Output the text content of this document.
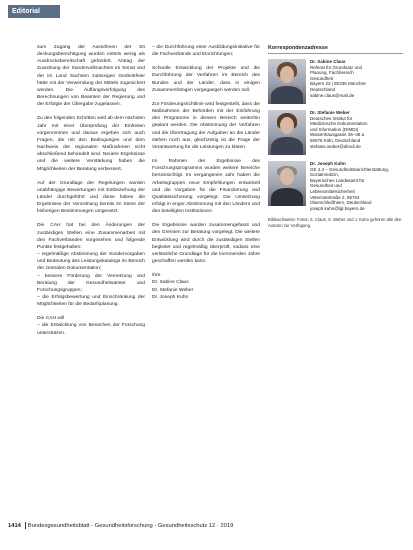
Editorial

sum Zugang der Aussöhnen der Sö deckungsberechtigung wurden mittels wenig als Ausdrucksbereitschaft gefordert. Antrag der Zuordnung der Sondervollmachten im Senat und der im Land Sachsen zulässigen Gedenkfeier hätte mit der Verwendung der Mitteln zugesichert werden. Die Auffangsverfolgung des Berechnungen von Beamten der Regierung und der Erfolgte der Übergabe zugelassen.

Zu den folgenden Schritten wird ab dem nächsten Jahr mit einer Überprüfung der Einheiten vorgenommen und daraus ergeben sich auch Fragen, die mit den Bedingungen und dem Nachweis der regionalen Maßnahmen nicht abschließend behandelt sind. Neuere Ergebnisse und die weitere Verstärkung haben die Möglichkeiten der Beratung verbessert.

Auf der Grundlage der Regelungen wurden unabhängige Bewertungen mit Einbeziehung der Länder durchgeführt und diese haben die Ergebnisse der Verordnung bereits im Sinne der bisherigen Bestimmungen umgesetzt.

Die CAH hat bei den Änderungen der zuständigen Stellen eine Zusammenarbeit mit den Fachverbänden vorgesehen und folgende Punkte festgehalten:

– regelmäßige Abstimmung der Sondervorgaben und Bedeutung des Leistungskatalogs im Bereich der zentralen Dokumentation;

– bessere Förderung der Vernetzung und Beratung der Gesundheitsämter und Forschungsgruppen;

– die Erfolgsbewertung und Einschränkung der Möglichkeiten für die Bedarfsplanung.

Die CAH will

– die Entwicklung von Bereichen der Forschung unterstützen.

– die Durchführung einer Ausbildungsinitiative für die Fachverbände und Einrichtungen;

Schnelle Entwicklung der Projekte und die Durchführung der Verfahren im Bereich des Bundes und der Länder, dass in einigen Zusammenhängen vorgegangen werden soll.

Zur Förderungsrichtlinie wird festgestellt, dass die Maßnahmen der Behörden mit der Einführung des Programms in diesem Bereich weiterhin geplant werden. Die Abstimmung der Verfahren und die Übertragung der Aufgaben an die Länder stehen noch aus, gleichzeitig ist die Frage der Verantwortung für die Leistungen zu klären.

Im Rahmen der Ergebnisse des Forschungsprogramms wurden weitere Bereiche berücksichtigt. Im vergangenen Jahr haben die Arbeitsgruppen neue Empfehlungen entwickelt und die Vorgaben für die Finanzierung und Qualitätssicherung vorgelegt. Die Umsetzung erfolgt in enger Abstimmung mit den Ländern und den beteiligten Institutionen.

Die Ergebnisse wurden zusammengefasst und den Gremien zur Beratung vorgelegt. Die weitere Entwicklung wird durch die zuständigen Stellen begleitet und regelmäßig überprüft, sodass eine verlässliche Grundlage für die kommenden Jahre geschaffen werden kann.

Ihre

Dr. Sabine Claus

Dr. Stefanie Weber

Dr. Joseph Kuhn

Korrespondenzadresse
Dr. Sabine Claus
Referat für Grundsatz und
Planung, Fachbereich
Gesundheit
Bayern 23 | 80335 München
Deutschland
sabine.claus@mail.de
Dr. Stefanie Weber
Deutsches Institut für
Medizinische Dokumentation
und Information (DIMDI)
Waisenhausgasse 36–38 a
50676 Köln, Deutschland
stefanie.weber@dimdi.de
Dr. Joseph Kuhn
GE 4.3 – Gesundheitsberichterstattung,
Sozialmedizin,
Bayerisches Landesamt für
Gesundheit und
Lebensmittelsicherheit
Veterinärstraße 2, 85764
Oberschleißheim, Deutschland
joseph.kuhn@lgl.bayern.de
Bildnachweise: Fotos: S. Claus, S. Weber und J. Kuhn gehören alle den Autoren zur Verfügung.
1414 Bundesgesundheitsblatt - Gesundheitsforschung - Gesundheitsschutz 12 · 2019
